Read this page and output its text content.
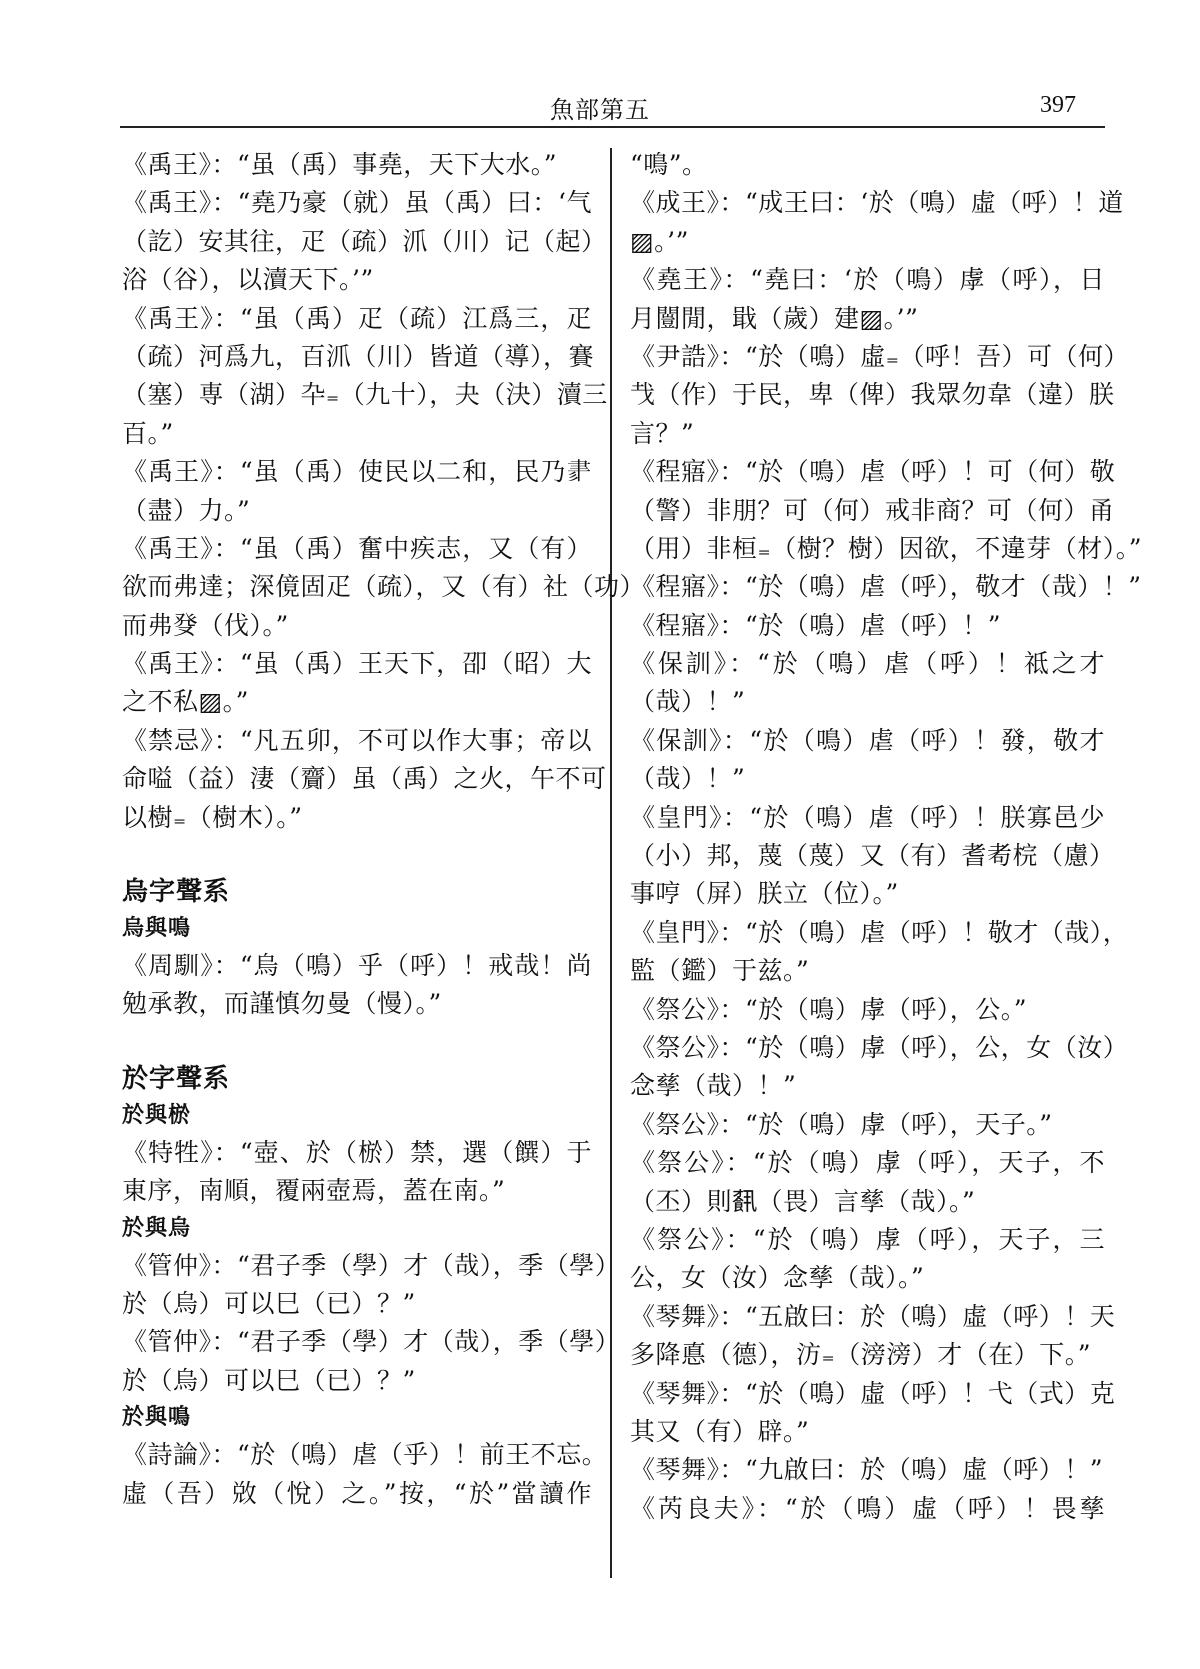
魚部第五	397
《禹王》：“虽（禹）事堯，天下大水。”
《禹王》：“堯乃豪（就）虽（禹）曰：‘气
（訖）安其往，疋（疏）沠（川）记（起）
浴（谷），以瀆天下。’”
《禹王》：“虽（禹）疋（疏）江爲三，疋
（疏）河爲九，百沠（川）皆道（導），賽
（塞）専（湖）卆₌（九十），夬（決）瀆三
百。”
《禹王》：“虽（禹）使民以二和，民乃𦘔
（盡）力。”
《禹王》：“虽（禹）奮中疾志，又（有）
欲而弗達；深傹固疋（疏），又（有）社（功）
而弗癹（伐）。”
《禹王》：“虽（禹）王天下，卲（昭）大
之不私▨。”
《禁忌》：“凡五卯，不可以作大事；帝以
命嗌（益）淒（齎）虽（禹）之火，午不可
以樹₌（樹木）。”
烏字聲系
烏與鳴
《周馴》：“烏（鳴）乎（呼）！戒哉！尚
勉承教，而謹慎勿曼（慢）。”
於字聲系
於與棜
《特牲》：“壺、於（棜）禁，選（饌）于
東序，南順，覆兩壺焉，蓋在南。”
於與烏
《管仲》：“君子季（學）才（哉），季（學）
於（烏）可以巳（已）？”
《管仲》：“君子季（學）才（哉），季（學）
於（烏）可以巳（已）？”
於與鳴
《詩論》：“於（鳴）虐（乎）！前王不忘。
虛（吾）敚（悅）之。”按，“於”當讀作
“鳴”。
《成王》：“成王曰：‘於（鳴）虛（呼）！道
▨。’”
《堯王》：“堯曰：‘於（鳴）虖（呼），日
月闓閒，戢（歲）建▨。’”
《尹誥》：“於（鳴）虛₌（呼！吾）可（何）
𢦏（作）于民，卑（俾）我眾勿韋（違）朕
言？”
《程寤》：“於（鳴）虐（呼）！可（何）敬
（警）非朋？可（何）戒非商？可（何）甬
（用）非桓₌（樹？樹）因欲，不違芽（材）。”
《程寤》：“於（鳴）虐（呼），敬才（哉）！”
《程寤》：“於（鳴）虐（呼）！”
《保訓》：“於（鳴）虐（呼）！祗之才
（哉）！”
《保訓》：“於（鳴）虐（呼）！發，敬才
（哉）！”
《皇門》：“於（鳴）虐（呼）！朕寡邑少
（小）邦，蔑（蔑）又（有）耆耇梡（慮）
事哼（屏）朕立（位）。”
《皇門》：“於（鳴）虐（呼）！敬才（哉），
監（鑑）于兹。”
《祭公》：“於（鳴）虖（呼），公。”
《祭公》：“於（鳴）虖（呼），公，女（汝）
念孳（哉）！”
《祭公》：“於（鳴）虖（呼），天子。”
《祭公》：“於（鳴）虖（呼），天子，不
（丕）則𩛥（畏）言孳（哉）。”
《祭公》：“於（鳴）虖（呼），天子，三
公，女（汝）念孳（哉）。”
《琴舞》：“五啟曰：於（鳴）虛（呼）！天
多降悳（德），汸₌（滂滂）才（在）下。”
《琴舞》：“於（鳴）虛（呼）！弋（式）克
其又（有）辟。”
《琴舞》：“九啟曰：於（鳴）虛（呼）！”
《芮良夫》：“於（鳴）虛（呼）！畏孳
